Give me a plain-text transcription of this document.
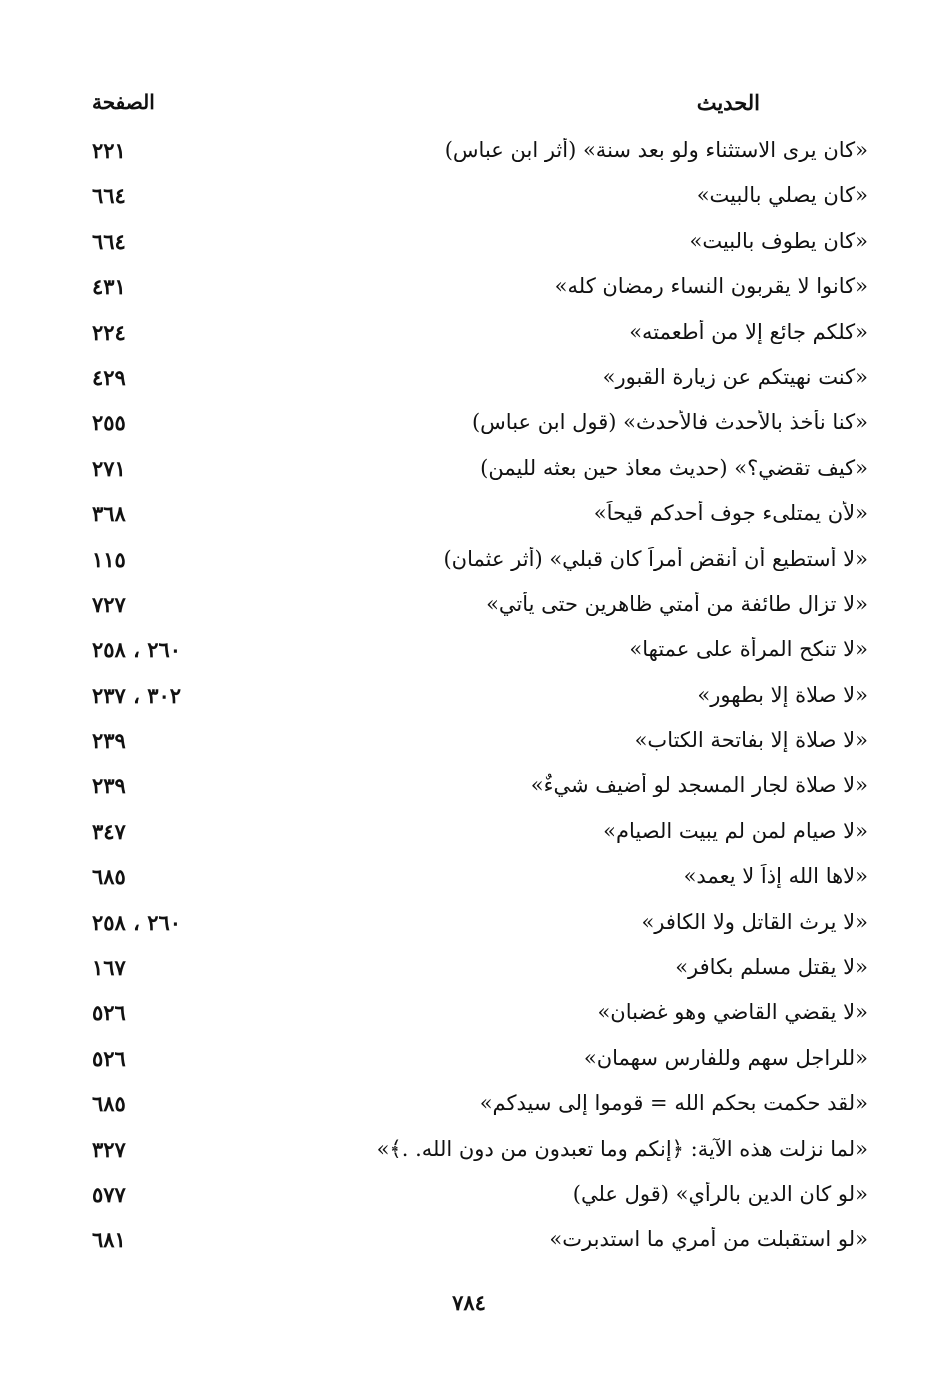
الحديث
الصفحة
«كان يرى الاستثناء ولو بعد سنة» (أثر ابن عباس)
٢٢١
«كان يصلي بالبيت»
٦٦٤
«كان يطوف بالبيت»
٦٦٤
«كانوا لا يقربون النساء رمضان كله»
٤٣١
«كلكم جائع إلا من أطعمته»
٢٢٤
«كنت نهيتكم عن زيارة القبور»
٤٢٩
«كنا نأخذ بالأحدث فالأحدث» (قول ابن عباس)
٢٥٥
«كيف تقضي؟» (حديث معاذ حين بعثه لليمن)
٢٧١
«لأن يمتلىء جوف أحدكم قيحاً»
٣٦٨
«لا أستطيع أن أنقض أمراً كان قبلي» (أثر عثمان)
١١٥
«لا تزال طائفة من أمتي ظاهرين حتى يأتي»
٧٢٧
«لا تنكح المرأة على عمتها»
٢٦٠ ، ٢٥٨
«لا صلاة إلا بطهور»
٣٠٢ ، ٢٣٧
«لا صلاة إلا بفاتحة الكتاب»
٢٣٩
«لا صلاة لجار المسجد لو أُضيف شيءٌ»
٢٣٩
«لا صيام لمن لم يبيت الصيام»
٣٤٧
«لاها الله إذاً لا يعمد»
٦٨٥
«لا يرث القاتل ولا الكافر»
٢٦٠ ، ٢٥٨
«لا يقتل مسلم بكافر»
١٦٧
«لا يقضي القاضي وهو غضبان»
٥٢٦
«للراجل سهم وللفارس سهمان»
٥٢٦
«لقد حكمت بحكم الله = قوموا إلى سيدكم»
٦٨٥
«لما نزلت هذه الآية: ﴿إنكم وما تعبدون من دون الله. .﴾»
٣٢٧
«لو كان الدين بالرأي» (قول علي)
٥٧٧
«لو استقبلت من أمري ما استدبرت»
٦٨١
٧٨٤
